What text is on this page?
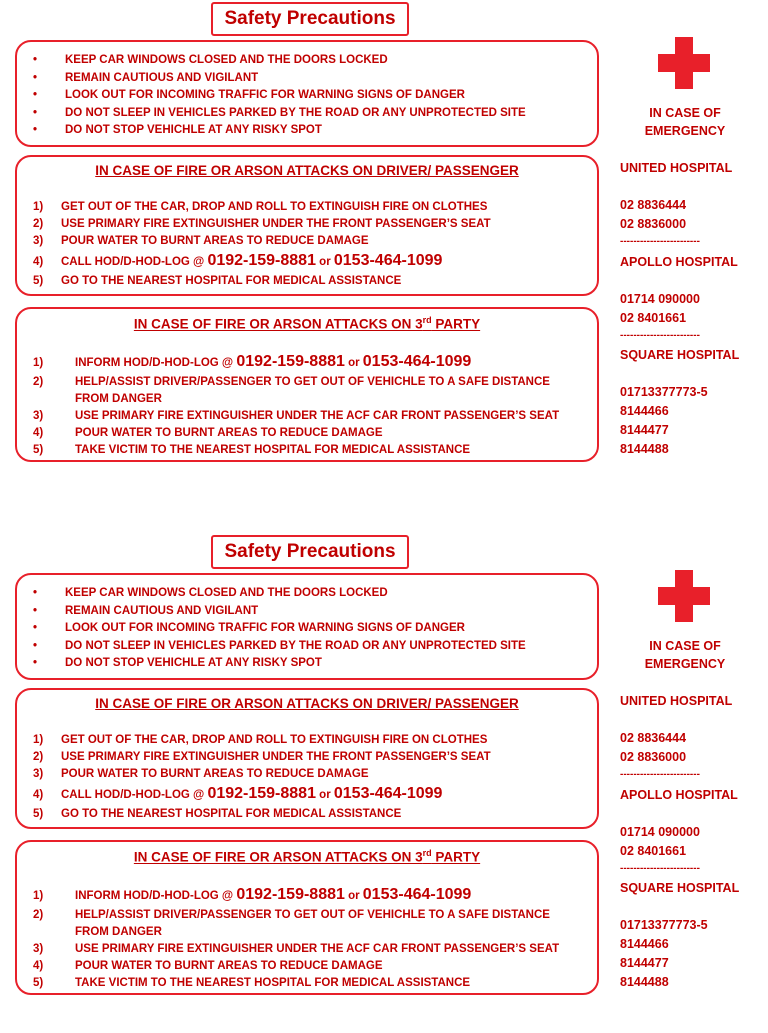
Safety Precautions
• KEEP CAR WINDOWS CLOSED AND THE DOORS LOCKED
• REMAIN CAUTIOUS AND VIGILANT
• LOOK OUT FOR INCOMING TRAFFIC FOR WARNING SIGNS OF DANGER
• DO NOT SLEEP IN VEHICLES PARKED BY THE ROAD OR ANY UNPROTECTED SITE
• DO NOT STOP VEHICHLE AT ANY RISKY SPOT
IN CASE OF FIRE OR ARSON ATTACKS ON DRIVER/ PASSENGER
1) GET OUT OF THE CAR, DROP AND ROLL TO EXTINGUISH FIRE ON CLOTHES
2) USE PRIMARY FIRE EXTINGUISHER UNDER THE FRONT PASSENGER’S SEAT
3) POUR WATER TO BURNT AREAS TO REDUCE DAMAGE
4) CALL HOD/D-HOD-LOG @ 0192-159-8881 or 0153-464-1099
5) GO TO THE NEAREST HOSPITAL FOR MEDICAL ASSISTANCE
IN CASE OF FIRE OR ARSON ATTACKS ON 3rd PARTY
1)	INFORM HOD/D-HOD-LOG @ 0192-159-8881 or 0153-464-1099
2)	HELP/ASSIST DRIVER/PASSENGER TO GET OUT OF VEHICHLE TO A SAFE DISTANCE
FROM DANGER
3)	USE PRIMARY FIRE EXTINGUISHER UNDER THE ACF CAR FRONT PASSENGER’S SEAT
4)	POUR WATER TO BURNT AREAS TO REDUCE DAMAGE
5)	TAKE VICTIM TO THE NEAREST HOSPITAL FOR MEDICAL ASSISTANCE
IN CASE OF
EMERGENCY
UNITED HOSPITAL
02 8836444
02 8836000
------------------------
APOLLO HOSPITAL
01714 090000
02 8401661
------------------------
SQUARE HOSPITAL
01713377773-5
8144466
8144477
8144488
Safety Precautions
• KEEP CAR WINDOWS CLOSED AND THE DOORS LOCKED
• REMAIN CAUTIOUS AND VIGILANT
• LOOK OUT FOR INCOMING TRAFFIC FOR WARNING SIGNS OF DANGER
• DO NOT SLEEP IN VEHICLES PARKED BY THE ROAD OR ANY UNPROTECTED SITE
• DO NOT STOP VEHICHLE AT ANY RISKY SPOT
IN CASE OF FIRE OR ARSON ATTACKS ON DRIVER/ PASSENGER
1) GET OUT OF THE CAR, DROP AND ROLL TO EXTINGUISH FIRE ON CLOTHES
2) USE PRIMARY FIRE EXTINGUISHER UNDER THE FRONT PASSENGER’S SEAT
3) POUR WATER TO BURNT AREAS TO REDUCE DAMAGE
4) CALL HOD/D-HOD-LOG @ 0192-159-8881 or 0153-464-1099
5) GO TO THE NEAREST HOSPITAL FOR MEDICAL ASSISTANCE
IN CASE OF FIRE OR ARSON ATTACKS ON 3rd PARTY
1)	INFORM HOD/D-HOD-LOG @ 0192-159-8881 or 0153-464-1099
2)	HELP/ASSIST DRIVER/PASSENGER TO GET OUT OF VEHICHLE TO A SAFE DISTANCE
FROM DANGER
3)	USE PRIMARY FIRE EXTINGUISHER UNDER THE ACF CAR FRONT PASSENGER’S SEAT
4)	POUR WATER TO BURNT AREAS TO REDUCE DAMAGE
5)	TAKE VICTIM TO THE NEAREST HOSPITAL FOR MEDICAL ASSISTANCE
IN CASE OF
EMERGENCY
UNITED HOSPITAL
02 8836444
02 8836000
------------------------
APOLLO HOSPITAL
01714 090000
02 8401661
------------------------
SQUARE HOSPITAL
01713377773-5
8144466
8144477
8144488
